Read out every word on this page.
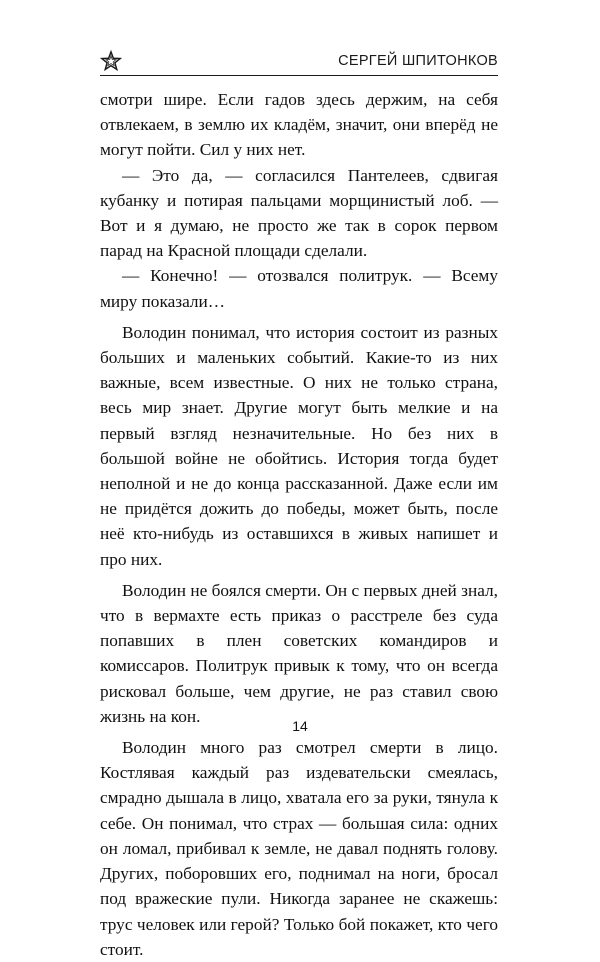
СЕРГЕЙ ШПИТОНКОВ

смотри шире. Если гадов здесь держим, на себя отвлекаем, в землю их кладём, значит, они вперёд не могут пойти. Сил у них нет.

— Это да, — согласился Пантелеев, сдвигая кубанку и потирая пальцами морщинистый лоб. — Вот и я думаю, не просто же так в сорок первом парад на Красной площади сделали.

— Конечно! — отозвался политрук. — Всему миру показали…

Володин понимал, что история состоит из разных больших и маленьких событий. Какие-то из них важные, всем известные. О них не только страна, весь мир знает. Другие могут быть мелкие и на первый взгляд незначительные. Но без них в большой войне не обойтись. История тогда будет неполной и не до конца рассказанной. Даже если им не придётся дожить до победы, может быть, после неё кто-нибудь из оставшихся в живых напишет и про них.

Володин не боялся смерти. Он с первых дней знал, что в вермахте есть приказ о расстреле без суда попавших в плен советских командиров и комиссаров. Политрук привык к тому, что он всегда рисковал больше, чем другие, не раз ставил свою жизнь на кон.

Володин много раз смотрел смерти в лицо. Костлявая каждый раз издевательски смеялась, смрадно дышала в лицо, хватала его за руки, тянула к себе. Он понимал, что страх — большая сила: одних он ломал, прибивал к земле, не давал поднять голову. Других, поборовших его, поднимал на ноги, бросал под вражеские пули. Никогда заранее не скажешь: трус человек или герой? Только бой покажет, кто чего стоит.

14
